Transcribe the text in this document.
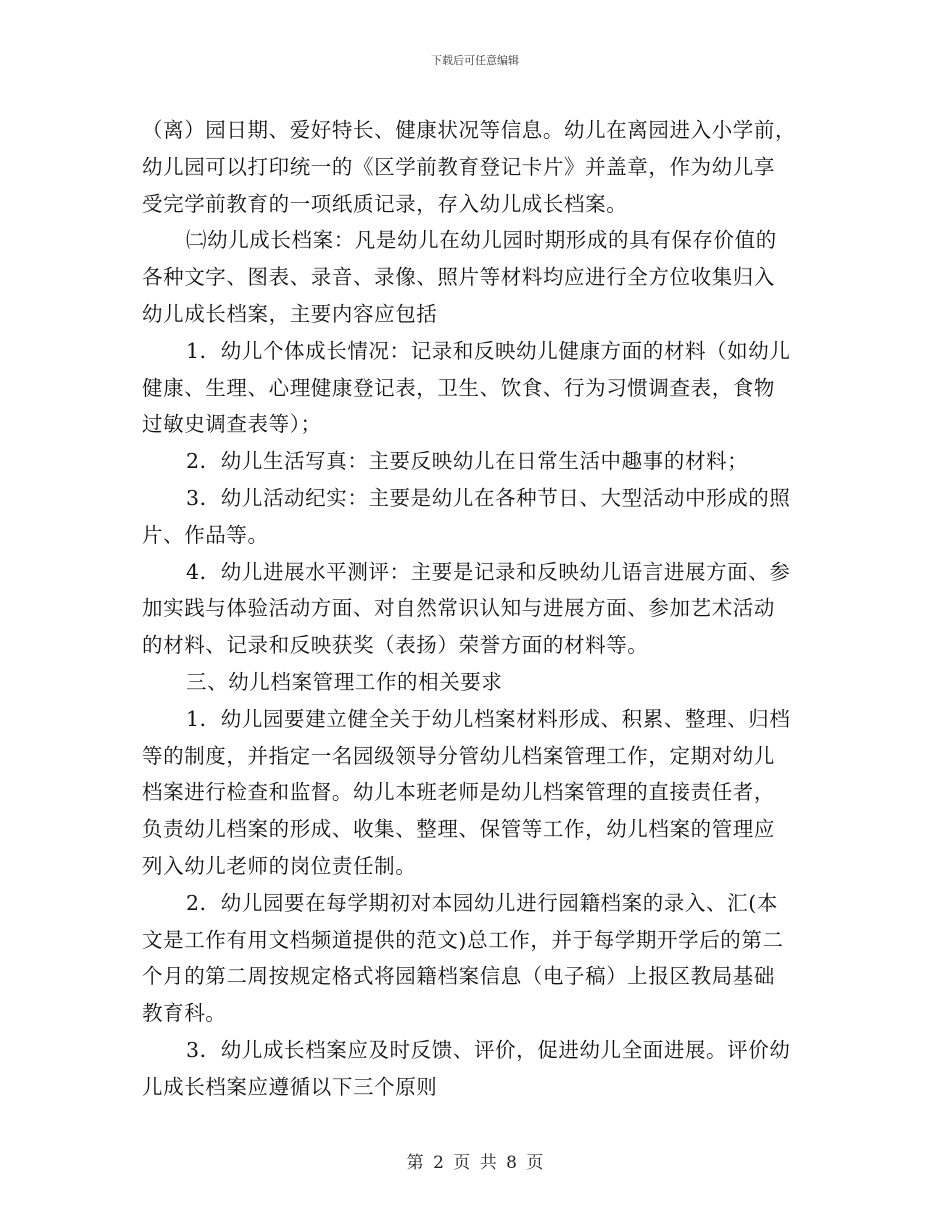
下载后可任意编辑
（离）园日期、爱好特长、健康状况等信息。幼儿在离园进入小学前，
幼儿园可以打印统一的《区学前教育登记卡片》并盖章，作为幼儿享
受完学前教育的一项纸质记录，存入幼儿成长档案。
㈡幼儿成长档案：凡是幼儿在幼儿园时期形成的具有保存价值的
各种文字、图表、录音、录像、照片等材料均应进行全方位收集归入
幼儿成长档案，主要内容应包括
1．幼儿个体成长情况：记录和反映幼儿健康方面的材料（如幼儿
健康、生理、心理健康登记表，卫生、饮食、行为习惯调查表，食物
过敏史调查表等）；
2．幼儿生活写真：主要反映幼儿在日常生活中趣事的材料；
3．幼儿活动纪实：主要是幼儿在各种节日、大型活动中形成的照
片、作品等。
4．幼儿进展水平测评：主要是记录和反映幼儿语言进展方面、参
加实践与体验活动方面、对自然常识认知与进展方面、参加艺术活动
的材料、记录和反映获奖（表扬）荣誉方面的材料等。
三、幼儿档案管理工作的相关要求
1．幼儿园要建立健全关于幼儿档案材料形成、积累、整理、归档
等的制度，并指定一名园级领导分管幼儿档案管理工作，定期对幼儿
档案进行检查和监督。幼儿本班老师是幼儿档案管理的直接责任者，
负责幼儿档案的形成、收集、整理、保管等工作，幼儿档案的管理应
列入幼儿老师的岗位责任制。
2．幼儿园要在每学期初对本园幼儿进行园籍档案的录入、汇(本
文是工作有用文档频道提供的范文)总工作，并于每学期开学后的第二
个月的第二周按规定格式将园籍档案信息（电子稿）上报区教局基础
教育科。
3．幼儿成长档案应及时反馈、评价，促进幼儿全面进展。评价幼
儿成长档案应遵循以下三个原则
第 2 页 共 8 页
